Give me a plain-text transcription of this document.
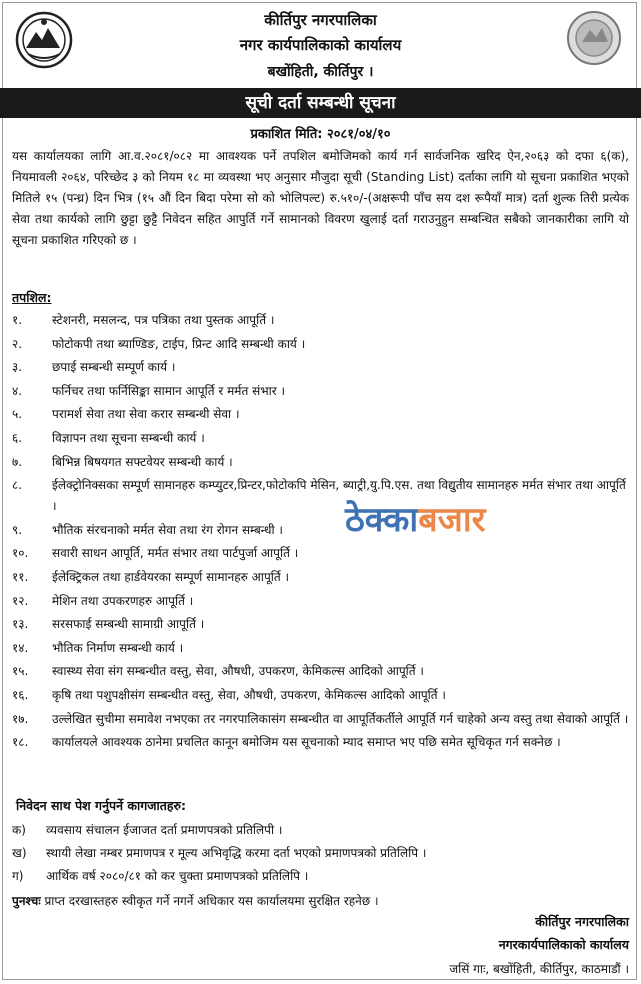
कीर्तिपुर नगरपालिका
नगर कार्यपालिकाको कार्यालय
बखोंहिती, कीर्तिपुर ।
सूची दर्ता सम्बन्धी सूचना
प्रकाशित मिति: २०८१/०४/१०
यस कार्यालयका लागि आ.व.२०८१/०८२ मा आवश्यक पर्ने तपशिल बमोजिमको कार्य गर्न सार्वजनिक खरिद ऐन,२०६३ को दफा ६(क), नियमावली २०६४, परिच्छेद ३ को नियम १८ मा व्यवस्था भए अनुसार मौजुदा सूची (Standing List) दर्ताका लागि यो सूचना प्रकाशित भएको मितिले १५ (पन्ध्र) दिन भित्र (१५ औं दिन बिदा परेमा सो को भोलिपल्ट) रु.५१०/-(अक्षरूपी पाँच सय दश रूपैयाँ मात्र) दर्ता शुल्क तिरी प्रत्येक सेवा तथा कार्यको लागि छुट्टा छुट्टै निवेदन सहित आपुर्ति गर्ने सामानको विवरण खुलाई दर्ता गराउनुहुन सम्बन्धित सबैको जानकारीका लागि यो सूचना प्रकाशित गरिएको छ ।
तपशिल:
१.	स्टेशनरी, मसलन्द, पत्र पत्रिका तथा पुस्तक आपूर्ति ।
२.	फोटोकपी तथा ब्याण्डिङ, टाईप, प्रिन्ट आदि सम्बन्धी कार्य ।
३.	छपाई सम्बन्धी सम्पूर्ण कार्य ।
४.	फर्निचर तथा फर्निसिङ्का सामान आपूर्ति र मर्मत संभार ।
५.	परामर्श सेवा तथा सेवा करार सम्बन्धी सेवा ।
६.	विज्ञापन तथा सूचना सम्बन्धी कार्य ।
७.	बिभिन्न बिषयगत सफ्टवेयर सम्बन्धी कार्य ।
८.	ईलेक्ट्रोनिक्सका सम्पूर्ण सामानहरु कम्प्युटर,प्रिन्टर,फोटोकपि मेसिन, ब्याट्री,यु.पि.एस. तथा विद्युतीय सामानहरु मर्मत संभार तथा आपूर्ति ।
९.	भौतिक संरचनाको मर्मत सेवा तथा रंग रोगन सम्बन्धी ।
१०.	सवारी साधन आपूर्ति, मर्मत संभार तथा पार्टपुर्जा आपूर्ति ।
११.	ईलेक्ट्रिकल तथा हार्डवेयरका सम्पूर्ण सामानहरु आपूर्ति ।
१२.	मेशिन तथा उपकरणहरु आपूर्ति ।
१३.	सरसफाई सम्बन्धी सामाग्री आपूर्ति ।
१४.	भौतिक निर्माण सम्बन्धी कार्य ।
१५.	स्वास्थ्य सेवा संग सम्बन्धीत वस्तु, सेवा, औषधी, उपकरण, केमिकल्स आदिको आपूर्ति ।
१६.	कृषि तथा पशुपक्षीसंग सम्बन्धीत वस्तु, सेवा, औषधी, उपकरण, केमिकल्स आदिको आपूर्ति ।
१७.	उल्लेखित सुचीमा समावेश नभएका तर नगरपालिकासंग सम्बन्धीत वा आपूर्तिकर्तीले आपूर्ति गर्न चाहेको अन्य वस्तु तथा सेवाको आपूर्ति ।
१८.	कार्यालयले आवश्यक ठानेमा प्रचलित कानून बमोजिम यस सूचनाको म्याद समाप्त भए पछि समेत सूचिकृत गर्न सक्नेछ ।
ठेक्काबजार
निवेदन साथ पेश गर्नुपर्ने कागजातहरु:
क)	व्यवसाय संचालन ईजाजत दर्ता प्रमाणपत्रको प्रतिलिपी ।
ख)	स्थायी लेखा नम्बर प्रमाणपत्र र मूल्य अभिवृद्धि करमा दर्ता भएको प्रमाणपत्रको प्रतिलिपि ।
ग)	आर्थिक वर्ष २०८०/८१ को कर चुक्ता प्रमाणपत्रको प्रतिलिपि ।
पुनश्चः प्राप्त दरखास्तहरु स्वीकृत गर्ने नगर्ने अधिकार यस कार्यालयमा सुरक्षित रहनेछ ।
कीर्तिपुर नगरपालिका
नगरकार्यपालिकाको कार्यालय
जसिं गाः, बखोंहिती, कीर्तिपुर, काठमाडौं ।
